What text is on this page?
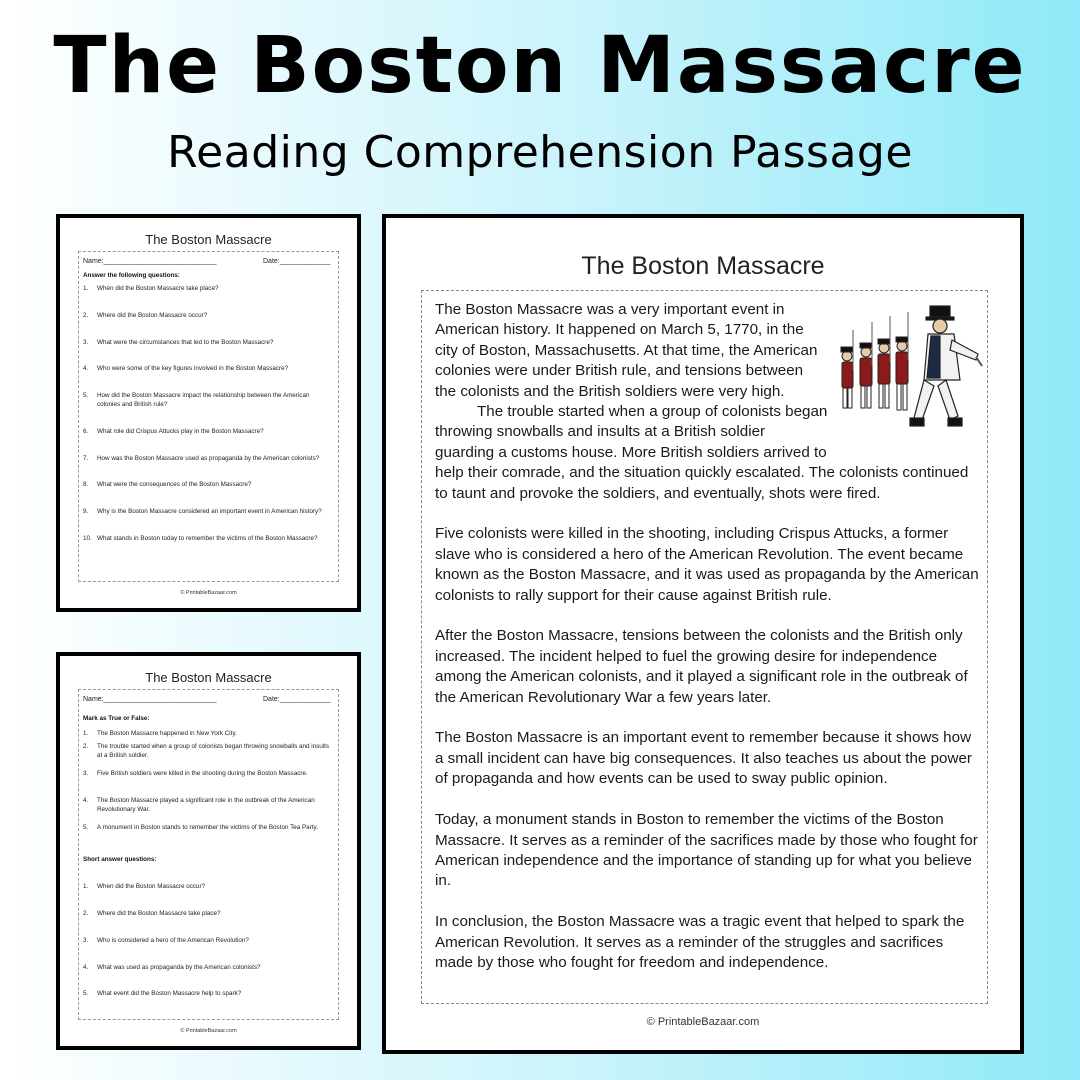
The Boston Massacre
Reading Comprehension Passage
The Boston Massacre
Name:_____________________________	Date:_____________
Answer the following questions:
1. When did the Boston Massacre take place?
2. Where did the Boston Massacre occur?
3. What were the circumstances that led to the Boston Massacre?
4. Who were some of the key figures involved in the Boston Massacre?
5. How did the Boston Massacre impact the relationship between the American colonies and British rule?
6. What role did Crispus Attucks play in the Boston Massacre?
7. How was the Boston Massacre used as propaganda by the American colonists?
8. What were the consequences of the Boston Massacre?
9. Why is the Boston Massacre considered an important event in American history?
10. What stands in Boston today to remember the victims of the Boston Massacre?
© PrintableBazaar.com
The Boston Massacre
Name:_____________________________	Date:_____________
Mark as True or False:
1. The Boston Massacre happened in New York City.
2. The trouble started when a group of colonists began throwing snowballs and insults at a British soldier.
3. Five British soldiers were killed in the shooting during the Boston Massacre.
4. The Boston Massacre played a significant role in the outbreak of the American Revolutionary War.
5. A monument in Boston stands to remember the victims of the Boston Tea Party.
Short answer questions:
1. When did the Boston Massacre occur?
2. Where did the Boston Massacre take place?
3. Who is considered a hero of the American Revolution?
4. What was used as propaganda by the American colonists?
5. What event did the Boston Massacre help to spark?
© PrintableBazaar.com
The Boston Massacre

The Boston Massacre was a very important event in American history. It happened on March 5, 1770, in the city of Boston, Massachusetts. At that time, the American colonies were under British rule, and tensions between the colonists and the British soldiers were very high.

The trouble started when a group of colonists began throwing snowballs and insults at a British soldier guarding a customs house. More British soldiers arrived to help their comrade, and the situation quickly escalated. The colonists continued to taunt and provoke the soldiers, and eventually, shots were fired.

Five colonists were killed in the shooting, including Crispus Attucks, a former slave who is considered a hero of the American Revolution. The event became known as the Boston Massacre, and it was used as propaganda by the American colonists to rally support for their cause against British rule.

After the Boston Massacre, tensions between the colonists and the British only increased. The incident helped to fuel the growing desire for independence among the American colonists, and it played a significant role in the outbreak of the American Revolutionary War a few years later.

The Boston Massacre is an important event to remember because it shows how a small incident can have big consequences. It also teaches us about the power of propaganda and how events can be used to sway public opinion.

Today, a monument stands in Boston to remember the victims of the Boston Massacre. It serves as a reminder of the sacrifices made by those who fought for American independence and the importance of standing up for what you believe in.

In conclusion, the Boston Massacre was a tragic event that helped to spark the American Revolution. It serves as a reminder of the struggles and sacrifices made by those who fought for freedom and independence.

© PrintableBazaar.com
